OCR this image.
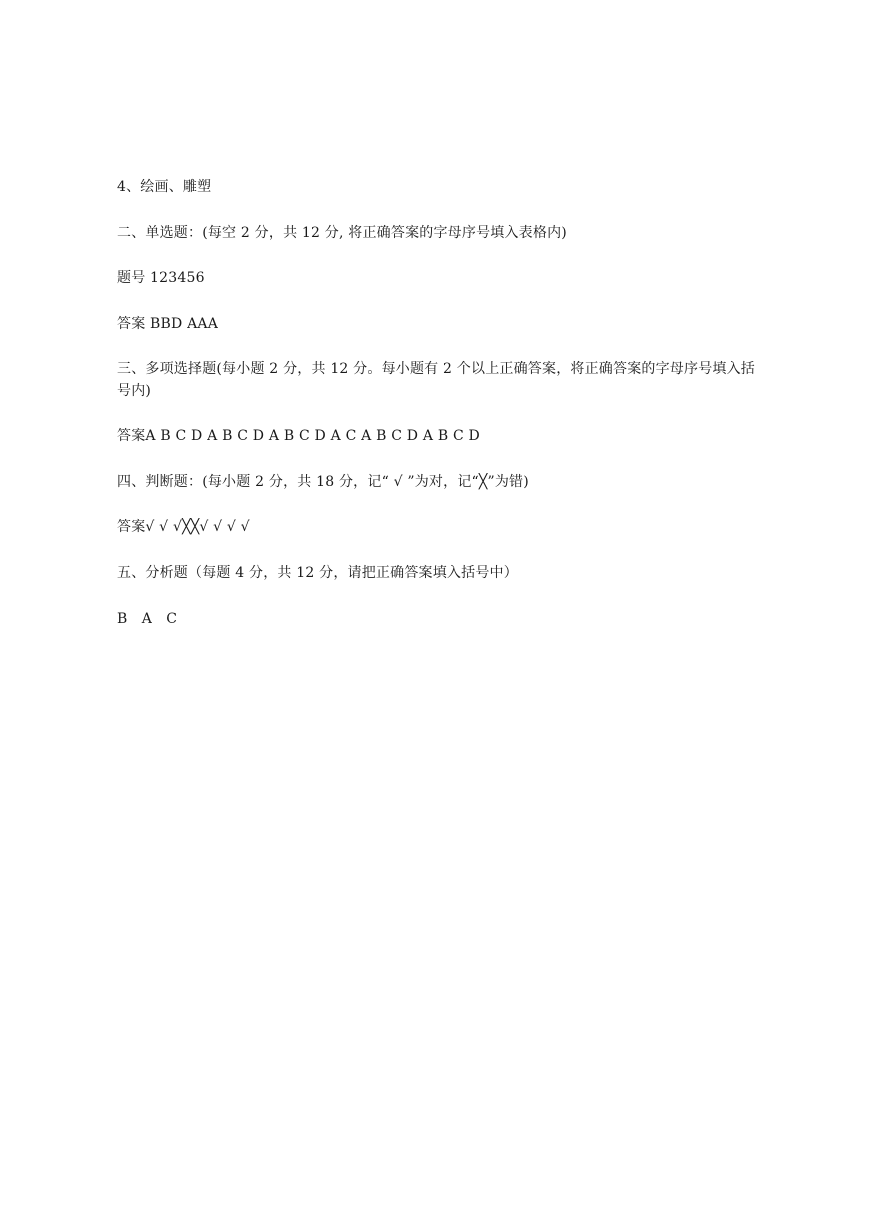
4、绘画、雕塑
二、单选题：(每空 2 分，共 12 分, 将正确答案的字母序号填入表格内)
题号 123456
答案 BBD AAA
三、多项选择题(每小题 2 分，共 12 分。每小题有 2 个以上正确答案，将正确答案的字母序号填入括号内)
答案A B C D A B C D A B C D A C A B C D A B C D
四、判断题：(每小题 2 分，共 18 分，记“ √ ”为对，记“╳”为错)
答案√ √ √╳╳√ √ √ √
五、分析题（每题 4 分，共 12 分，请把正确答案填入括号中）
B A C
